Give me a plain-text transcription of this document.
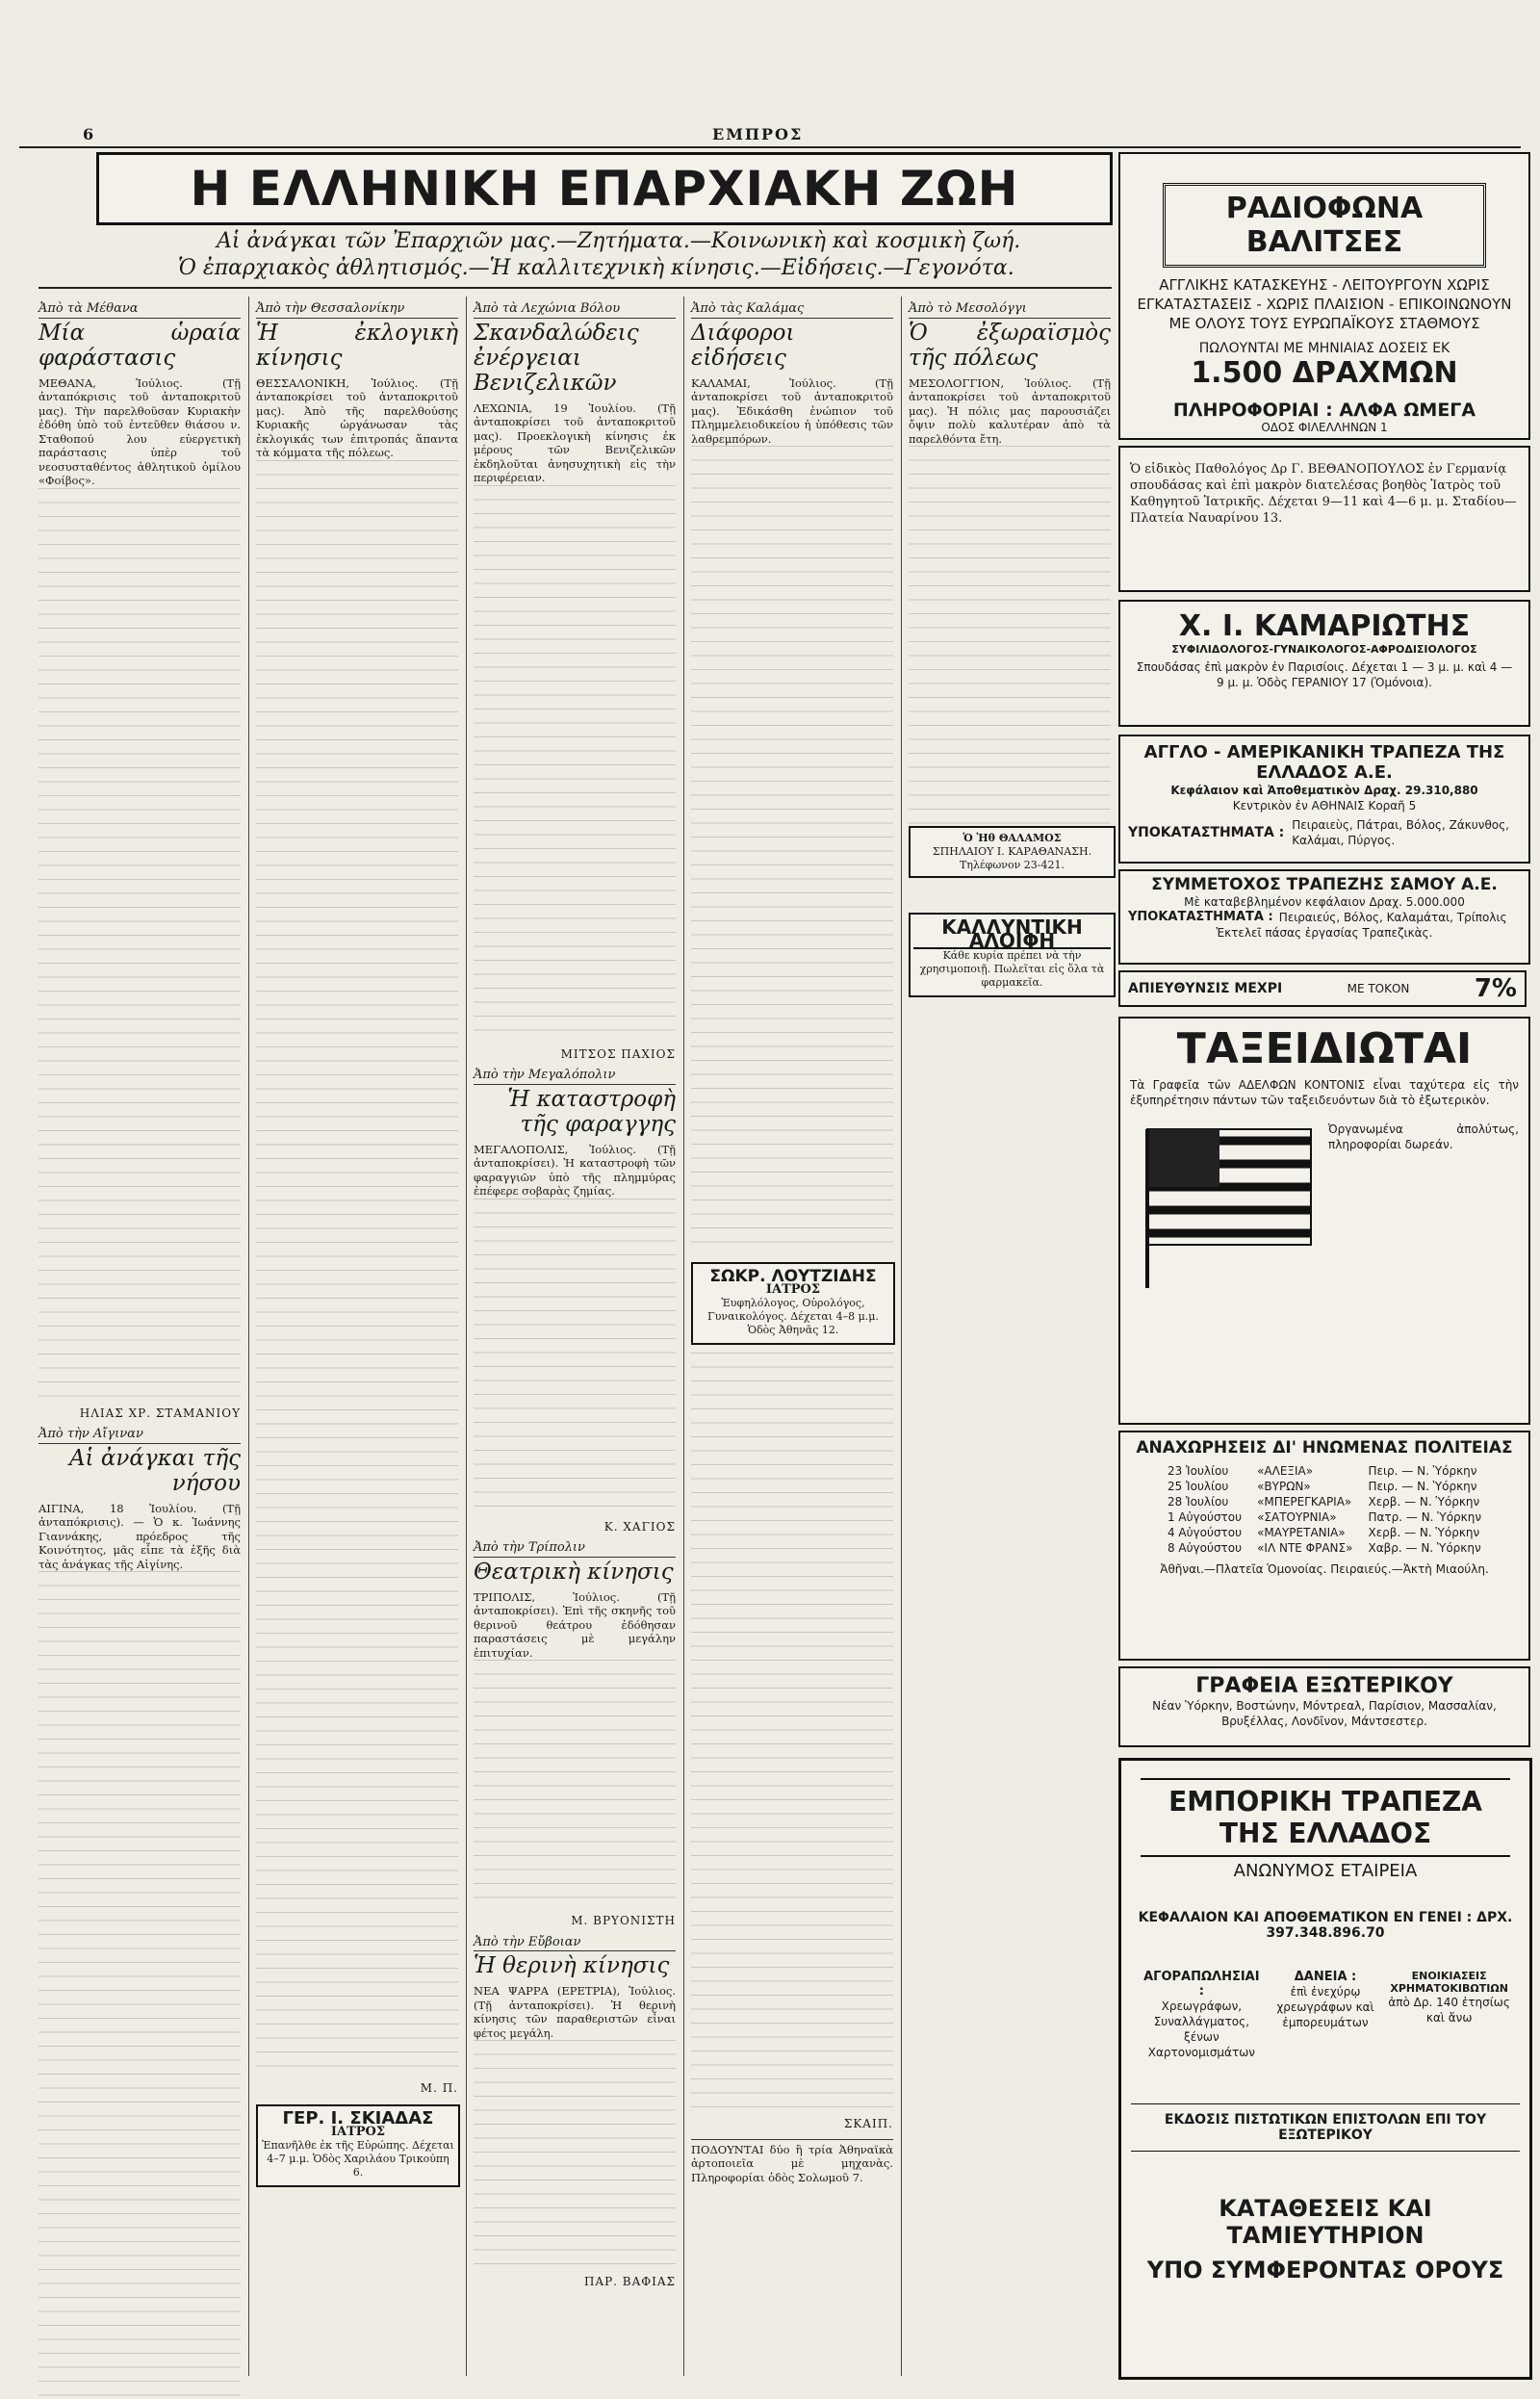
6	ΕΜΠΡΟΣ
Η ΕΛΛΗΝΙΚΗ ΕΠΑΡΧΙΑΚΗ ΖΩΗ
Αἱ ἀνάγκαι τῶν Ἐπαρχιῶν μας.—Ζητήματα.—Κοινωνικὴ καὶ κοσμικὴ ζωή.
Ὁ ἐπαρχιακὸς ἀθλητισμός.—Ἡ καλλιτεχνικὴ κίνησις.—Εἰδήσεις.—Γεγονότα.
Ἀπὸ τὰ Μέθανα
Μία ὡραία φαράστασις

ΜΕΘΑΝΑ, Ἰούλιος. (Τῇ ἀνταπόκρισις τοῦ ἀνταποκριτοῦ μας). Τὴν παρελθοῦσαν Κυριακὴν ἐδόθη ὑπὸ τοῦ ἐντεῦθεν θιάσου ν. Σταθοπού λου εὐεργετικὴ παράστασις ὑπὲρ τοῦ νεοσυσταθέντος ἀθλητικοῦ ὁμίλου «Φοίβος».

ΗΛΙΑΣ ΧΡ. ΣΤΑΜΑΝΙΟΥ
Ἀπὸ τὴν Αἴγιναν
Αἱ ἀνάγκαι τῆς νήσου

ΑΙΓΙΝΑ, 18 Ἰουλίου. (Τῇ ἀνταπόκρισις). — Ὁ κ. Ἰωάννης Γιαννάκης, πρόεδρος τῆς Κοινότητος, μᾶς εἶπε τὰ ἑξῆς διὰ τὰς ἀνάγκας τῆς Αἰγίνης.

Ἀπὸ τὴν Θεσσαλονίκην
Ἡ ἐκλογικὴ κίνησις

ΘΕΣΣΑΛΟΝΙΚΗ, Ἰούλιος. (Τῇ ἀνταποκρίσει τοῦ ἀνταποκριτοῦ μας). Ἀπὸ τῆς παρελθούσης Κυριακῆς ὡργάνωσαν τὰς ἐκλογικάς των ἐπιτροπάς ἅπαντα τὰ κόμματα τῆς πόλεως.

Μ. Π.
ΓΕΡ. Ι. ΣΚΙΑΔΑΣ
ΙΑΤΡΟΣ
Ἐπανῆλθε ἐκ τῆς Εὐρώπης. Δέχεται 4–7 μ.μ. Ὁδὸς Χαριλάου Τρικούπη 6.
Ἀπὸ τὰ Λεχώνια Βόλου
Σκανδαλώδεις ἐνέργειαι Βενιζελικῶν

ΛΕΧΩΝΙΑ, 19 Ἰουλίου. (Τῇ ἀνταποκρίσει τοῦ ἀνταποκριτοῦ μας). Προεκλογικὴ κίνησις ἐκ μέρους τῶν Βενιζελικῶν ἐκδηλοῦται ἀνησυχητικὴ εἰς τὴν περιφέρειαν.

ΜΙΤΣΟΣ ΠΑΧΙΟΣ
Ἀπὸ τὴν Μεγαλόπολιν
Ἡ καταστροφὴ τῆς φαραγγης

ΜΕΓΑΛΟΠΟΛΙΣ, Ἰούλιος. (Τῇ ἀνταποκρίσει). Ἡ καταστροφὴ τῶν φαραγγιῶν ὑπὸ τῆς πλημμύρας ἐπέφερε σοβαρὰς ζημίας.

Κ. ΧΑΓΙΟΣ
Ἀπὸ τὴν Τρίπολιν
Θεατρικὴ κίνησις

ΤΡΙΠΟΛΙΣ, Ἰούλιος. (Τῇ ἀνταποκρίσει). Ἐπὶ τῆς σκηνῆς τοῦ θερινοῦ θεάτρου ἐδόθησαν παραστάσεις μὲ μεγάλην ἐπιτυχίαν.

Μ. ΒΡΥΟΝΙΣΤΗ
Ἀπὸ τὴν Εὔβοιαν
Ἡ θερινὴ κίνησις

ΝΕΑ ΨΑΡΡΑ (ΕΡΕΤΡΙΑ), Ἰούλιος. (Τῇ ἀνταποκρίσει). Ἡ θερινὴ κίνησις τῶν παραθεριστῶν εἶναι φέτος μεγάλη.

ΠΑΡ. ΒΑΦΙΑΣ
Ἀπὸ τὰς Καλάμας
Διάφοροι εἰδήσεις

ΚΑΛΑΜΑΙ, Ἰούλιος. (Τῇ ἀνταποκρίσει τοῦ ἀνταποκριτοῦ μας). Ἐδικάσθη ἐνώπιον τοῦ Πλημμελειοδικείου ἡ ὑπόθεσις τῶν λαθρεμπόρων.

ΣΩΚΡ. ΛΟΥΤΖΙΔΗΣ
ΙΑΤΡΟΣ
Ἐυφηλόλογος, Οὐρολόγος, Γυναικολόγος. Δέχεται 4–8 μ.μ. Ὁδὸς Ἀθηνᾶς 12.
ΣΚΑΙΠ.

ΠΟΔΟΥΝΤΑΙ δύο ἢ τρία Ἀθηναϊκὰ ἀρτοποιεῖα μὲ μηχανὰς. Πληροφορίαι ὁδὸς Σολωμοῦ 7.

Ἀπὸ τὸ Μεσολόγγι
Ὁ ἐξωραϊσμὸς τῆς πόλεως

ΜΕΣΟΛΟΓΓΙΟΝ, Ἰούλιος. (Τῇ ἀνταποκρίσει τοῦ ἀνταποκριτοῦ μας). Ἡ πόλις μας παρουσιάζει ὄψιν πολὺ καλυτέραν ἀπὸ τὰ παρελθόντα ἔτη.

ΚΑΛΛΥΝΤΙΚΗ ΑΛΟΙΦΗ
Κάθε κυρία πρέπει νὰ τὴν χρησιμοποιῇ. Πωλεῖται εἰς ὅλα τὰ φαρμακεῖα.
Ὁ Ἠθ ΘΑΛΑΜΟΣ
ΣΠΗΛΑΙΟΥ Ι. ΚΑΡΑΘΑΝΑΣΗ. Τηλέφωνον 23-421.
ΡΑΔΙΟΦΩΝΑ ΒΑΛΙΤΣΕΣ
ΑΓΓΛΙΚΗΣ ΚΑΤΑΣΚΕΥΗΣ - ΛΕΙΤΟΥΡΓΟΥΝ ΧΩΡΙΣ ΕΓΚΑΤΑΣΤΑΣΕΙΣ - ΧΩΡΙΣ ΠΛΑΙΣΙΟΝ - ΕΠΙΚΟΙΝΩΝΟΥΝ ΜΕ ΟΛΟΥΣ ΤΟΥΣ ΕΥΡΩΠΑΪΚΟΥΣ ΣΤΑΘΜΟΥΣ
ΠΩΛΟΥΝΤΑΙ ΜΕ ΜΗΝΙΑΙΑΣ ΔΟΣΕΙΣ ΕΚ
1.500 ΔΡΑΧΜΩΝ
ΠΛΗΡΟΦΟΡΙΑΙ : ΑΛΦΑ ΩΜΕΓΑ
ΟΔΟΣ ΦΙΛΕΛΛΗΝΩΝ 1
Ὁ εἰδικὸς Παθολόγος Δρ Γ. ΒΕΘΑΝΟΠΟΥΛΟΣ ἐν Γερμανίᾳ σπουδάσας καὶ ἐπὶ μακρὸν διατελέσας βοηθὸς Ἰατρὸς τοῦ Καθηγητοῦ Ἰατρικῆς. Δέχεται 9—11 καὶ 4—6 μ. μ. Σταδίου—Πλατεία Ναυαρίνου 13.
Χ. Ι. ΚΑΜΑΡΙΩΤΗΣ
ΣΥΦΙΛΙΔΟΛΟΓΟΣ-ΓΥΝΑΙΚΟΛΟΓΟΣ-ΑΦΡΟΔΙΣΙΟΛΟΓΟΣ
Σπουδάσας ἐπὶ μακρὸν ἐν Παρισίοις. Δέχεται 1 — 3 μ. μ. καὶ 4 — 9 μ. μ. Ὁδὸς ΓΕΡΑΝΙΟΥ 17 (Ὁμόνοια).
ΑΓΓΛΟ - ΑΜΕΡΙΚΑΝΙΚΗ ΤΡΑΠΕΖΑ ΤΗΣ ΕΛΛΑΔΟΣ Α.Ε.
Κεφάλαιον καὶ Ἀποθεματικὸν Δραχ. 29.310,880
Κεντρικὸν ἐν ΑΘΗΝΑΙΣ Κοραῆ 5
ΥΠΟΚΑΤΑΣΤΗΜΑΤΑ : Πειραιεὺς, Πάτραι, Βόλος, Ζάκυνθος, Καλάμαι, Πύργος.
ΣΥΜΜΕΤΟΧΟΣ ΤΡΑΠΕΖΗΣ ΣΑΜΟΥ Α.Ε.
Μὲ καταβεβλημένον κεφάλαιον Δραχ. 5.000.000
ΥΠΟΚΑΤΑΣΤΗΜΑΤΑ : Πειραιεύς, Βόλος, Καλαμάται, Τρίπολις
Ἐκτελεῖ πάσας ἐργασίας Τραπεζικὰς.
ΑΠΙΕΥΘΥΝΣΙΣ ΜΕΧΡΙ	ΜΕ ΤΟΚΟΝ	7%
ΤΑΞΕΙΔΙΩΤΑΙ
Τὰ Γραφεῖα τῶν ΑΔΕΛΦΩΝ ΚΟΝΤΟΝΙΣ εἶναι ταχύτερα εἰς τὴν ἐξυπηρέτησιν πάντων τῶν ταξειδευόντων διὰ τὸ ἐξωτερικὸν.
Ὀργανωμένα ἀπολύτως, πληροφορίαι δωρεάν.
ΑΝΑΧΩΡΗΣΕΙΣ ΔΙ' ΗΝΩΜΕΝΑΣ ΠΟΛΙΤΕΙΑΣ
23 Ἰουλίου	«ΑΛΕΞΙΑ»	Πειρ. — Ν. Ὑόρκην
25 Ἰουλίου	«ΒΥΡΩΝ»	Πειρ. — Ν. Ὑόρκην
28 Ἰουλίου	«ΜΠΕΡΕΓΚΑΡΙΑ»	Χερβ. — Ν. Ὑόρκην
1 Αὐγούστου	«ΣΑΤΟΥΡΝΙΑ»	Πατρ. — Ν. Ὑόρκην
4 Αὐγούστου	«ΜΑΥΡΕΤΑΝΙΑ»	Χερβ. — Ν. Ὑόρκην
8 Αὐγούστου	«ΙΛ ΝΤΕ ΦΡΑΝΣ»	Χαβρ. — Ν. Ὑόρκην
Ἀθῆναι.—Πλατεῖα Ὁμονοίας. Πειραιεύς.—Ἀκτὴ Μιαούλη.
ΓΡΑΦΕΙΑ ΕΞΩΤΕΡΙΚΟΥ
Νέαν Ὑόρκην, Βοστώνην, Μόντρεαλ, Παρίσιον, Μασσαλίαν, Βρυξέλλας, Λονδῖνον, Μάντσεστερ.
ΕΜΠΟΡΙΚΗ ΤΡΑΠΕΖΑ ΤΗΣ ΕΛΛΑΔΟΣ
ΑΝΩΝΥΜΟΣ ΕΤΑΙΡΕΙΑ
ΚΕΦΑΛΑΙΟΝ ΚΑΙ ΑΠΟΘΕΜΑΤΙΚΟΝ ΕΝ ΓΕΝΕΙ : ΔΡΧ. 397.348.896.70
ΑΓΟΡΑΠΩΛΗΣΙΑΙ :
Χρεωγράφων, Συναλλάγματος, ξένων Χαρτονομισμάτων
ΔΑΝΕΙΑ :
ἐπὶ ἐνεχύρῳ χρεωγράφων καὶ ἐμπορευμάτων
ΕΝΟΙΚΙΑΣΕΙΣ ΧΡΗΜΑΤΟΚΙΒΩΤΙΩΝ
ἀπὸ Δρ. 140 ἐτησίως καὶ ἄνω
ΕΚΔΟΣΙΣ ΠΙΣΤΩΤΙΚΩΝ ΕΠΙΣΤΟΛΩΝ ΕΠΙ ΤΟΥ ΕΞΩΤΕΡΙΚΟΥ
ΚΑΤΑΘΕΣΕΙΣ ΚΑΙ ΤΑΜΙΕΥΤΗΡΙΟΝ
ΥΠΟ ΣΥΜΦΕΡΟΝΤΑΣ ΟΡΟΥΣ
